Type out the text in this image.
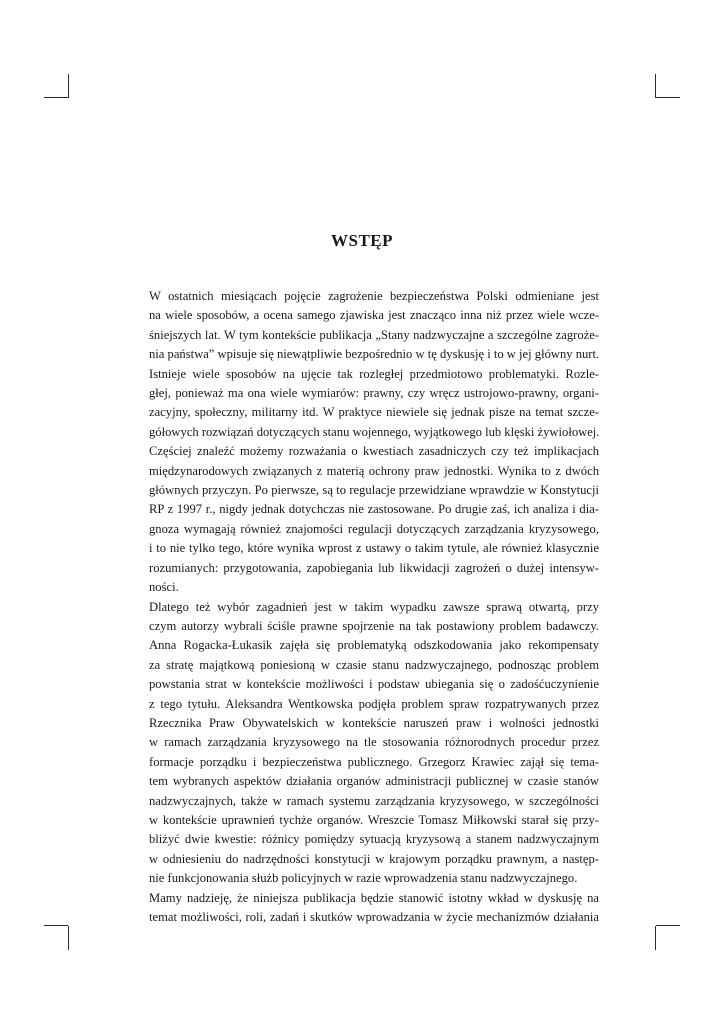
WSTĘP

W ostatnich miesiącach pojęcie zagrożenie bezpieczeństwa Polski odmieniane jest
na wiele sposobów, a ocena samego zjawiska jest znacząco inna niż przez wiele wcze-
śniejszych lat. W tym kontekście publikacja „Stany nadzwyczajne a szczególne zagroże-
nia państwa” wpisuje się niewątpliwie bezpośrednio w tę dyskusję i to w jej główny nurt.

Istnieje wiele sposobów na ujęcie tak rozległej przedmiotowo problematyki. Rozle-
głej, ponieważ ma ona wiele wymiarów: prawny, czy wręcz ustrojowo-prawny, organi-
zacyjny, społeczny, militarny itd. W praktyce niewiele się jednak pisze na temat szcze-
gółowych rozwiązań dotyczących stanu wojennego, wyjątkowego lub klęski żywiołowej.
Częściej znaleźć możemy rozważania o kwestiach zasadniczych czy też implikacjach
międzynarodowych związanych z materią ochrony praw jednostki. Wynika to z dwóch
głównych przyczyn. Po pierwsze, są to regulacje przewidziane wprawdzie w Konstytucji
RP z 1997 r., nigdy jednak dotychczas nie zastosowane. Po drugie zaś, ich analiza i dia-
gnoza wymagają również znajomości regulacji dotyczących zarządzania kryzysowego,
i to nie tylko tego, które wynika wprost z ustawy o takim tytule, ale również klasycznie
rozumianych: przygotowania, zapobiegania lub likwidacji zagrożeń o dużej intensyw-
ności.

Dlatego też wybór zagadnień jest w takim wypadku zawsze sprawą otwartą, przy
czym autorzy wybrali ściśle prawne spojrzenie na tak postawiony problem badawczy.
Anna Rogacka-Łukasik zajęła się problematyką odszkodowania jako rekompensaty
za stratę majątkową poniesioną w czasie stanu nadzwyczajnego, podnosząc problem
powstania strat w kontekście możliwości i podstaw ubiegania się o zadośćuczynienie
z tego tytułu. Aleksandra Wentkowska podjęła problem spraw rozpatrywanych przez
Rzecznika Praw Obywatelskich w kontekście naruszeń praw i wolności jednostki
w ramach zarządzania kryzysowego na tle stosowania różnorodnych procedur przez
formacje porządku i bezpieczeństwa publicznego. Grzegorz Krawiec zajął się tema-
tem wybranych aspektów działania organów administracji publicznej w czasie stanów
nadzwyczajnych, także w ramach systemu zarządzania kryzysowego, w szczególności
w kontekście uprawnień tychże organów. Wreszcie Tomasz Miłkowski starał się przy-
bliżyć dwie kwestie: różnicy pomiędzy sytuacją kryzysową a stanem nadzwyczajnym
w odniesieniu do nadrzędności konstytucji w krajowym porządku prawnym, a następ-
nie funkcjonowania służb policyjnych w razie wprowadzenia stanu nadzwyczajnego.

Mamy nadzieję, że niniejsza publikacja będzie stanowić istotny wkład w dyskusję na
temat możliwości, roli, zadań i skutków wprowadzania w życie mechanizmów działania
